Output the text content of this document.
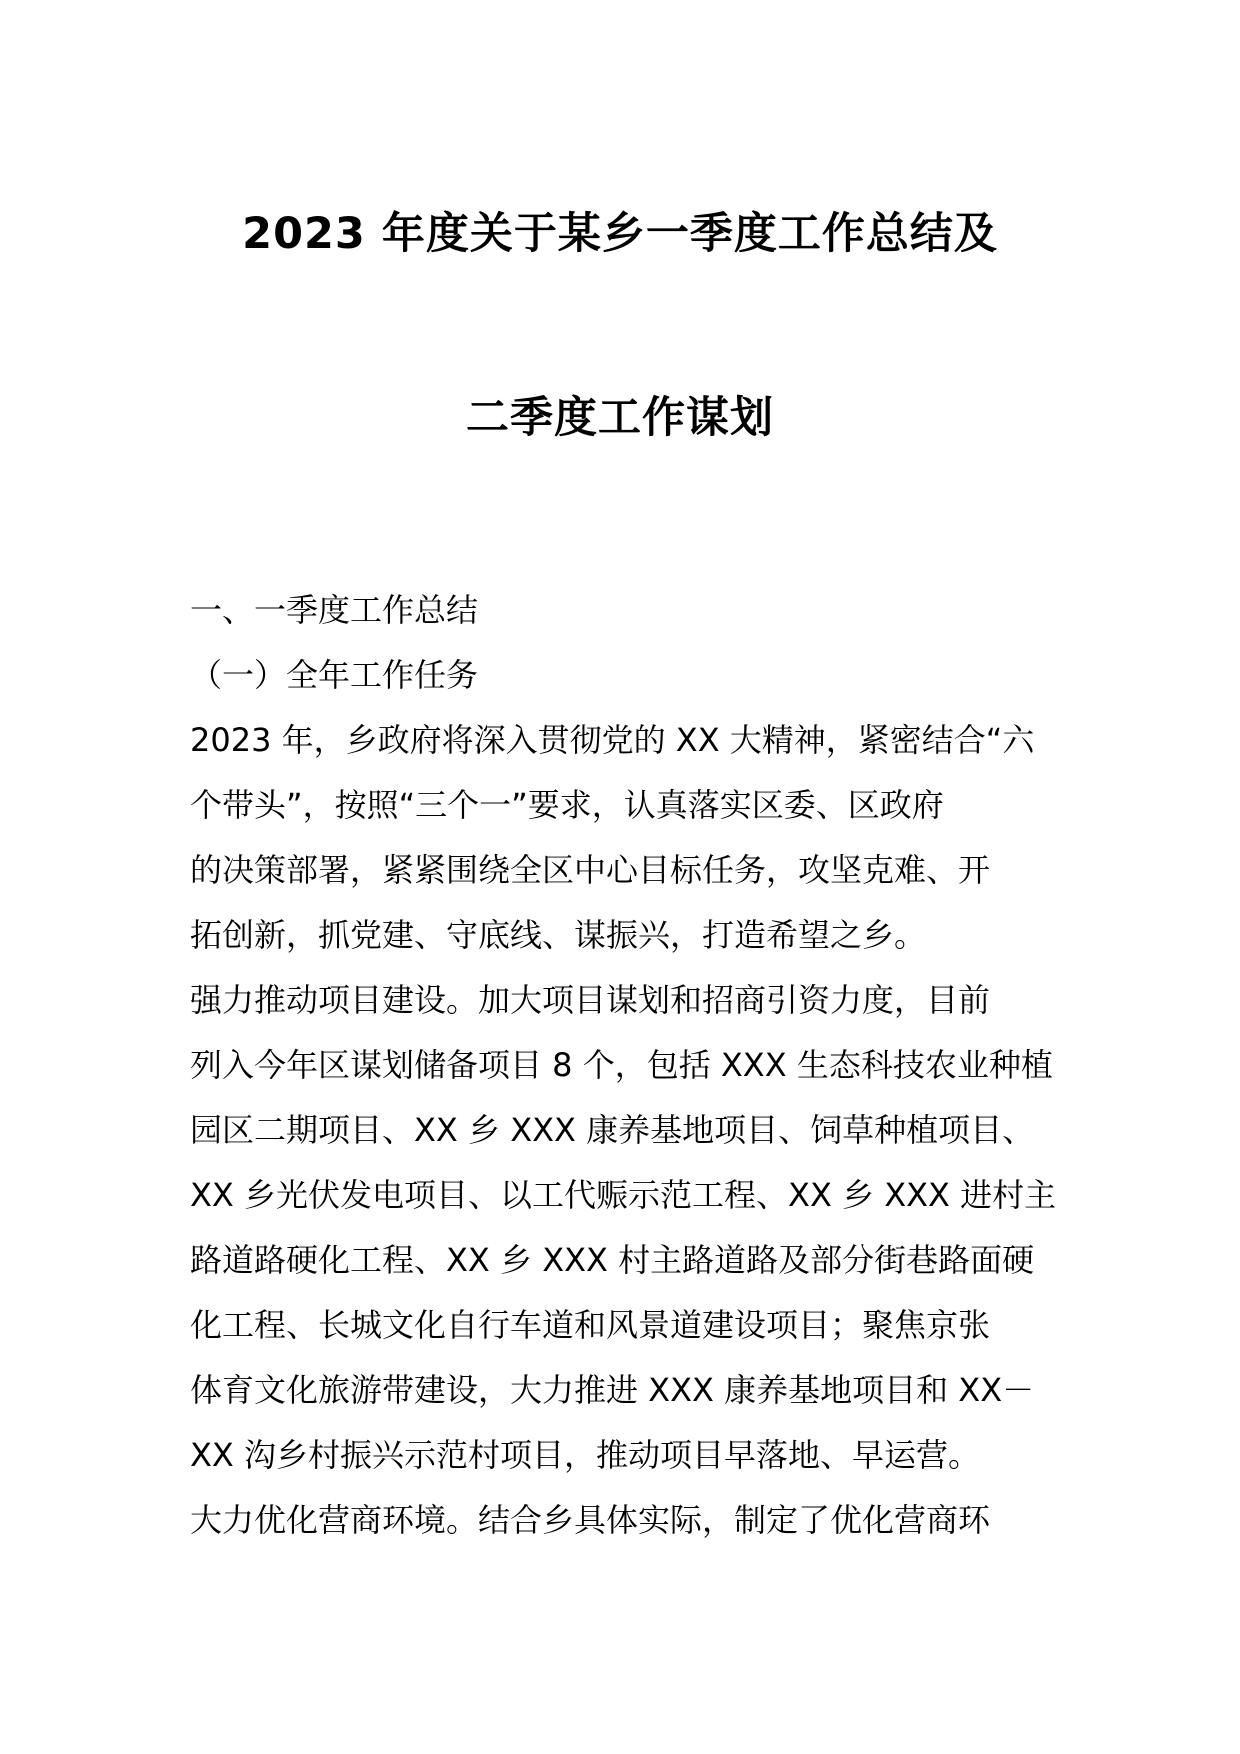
2023 年度关于某乡一季度工作总结及
二季度工作谋划
一、一季度工作总结
（一）全年工作任务
2023 年，乡政府将深入贯彻党的 XX 大精神，紧密结合“六
个带头”，按照“三个一”要求，认真落实区委、区政府
的决策部署，紧紧围绕全区中心目标任务，攻坚克难、开
拓创新，抓党建、守底线、谋振兴，打造希望之乡。
强力推动项目建设。加大项目谋划和招商引资力度，目前
列入今年区谋划储备项目 8 个，包括 XXX 生态科技农业种植
园区二期项目、XX 乡 XXX 康养基地项目、饲草种植项目、
XX 乡光伏发电项目、以工代赈示范工程、XX 乡 XXX 进村主
路道路硬化工程、XX 乡 XXX 村主路道路及部分街巷路面硬
化工程、长城文化自行车道和风景道建设项目；聚焦京张
体育文化旅游带建设，大力推进 XXX 康养基地项目和 XX－
XX 沟乡村振兴示范村项目，推动项目早落地、早运营。
大力优化营商环境。结合乡具体实际，制定了优化营商环
